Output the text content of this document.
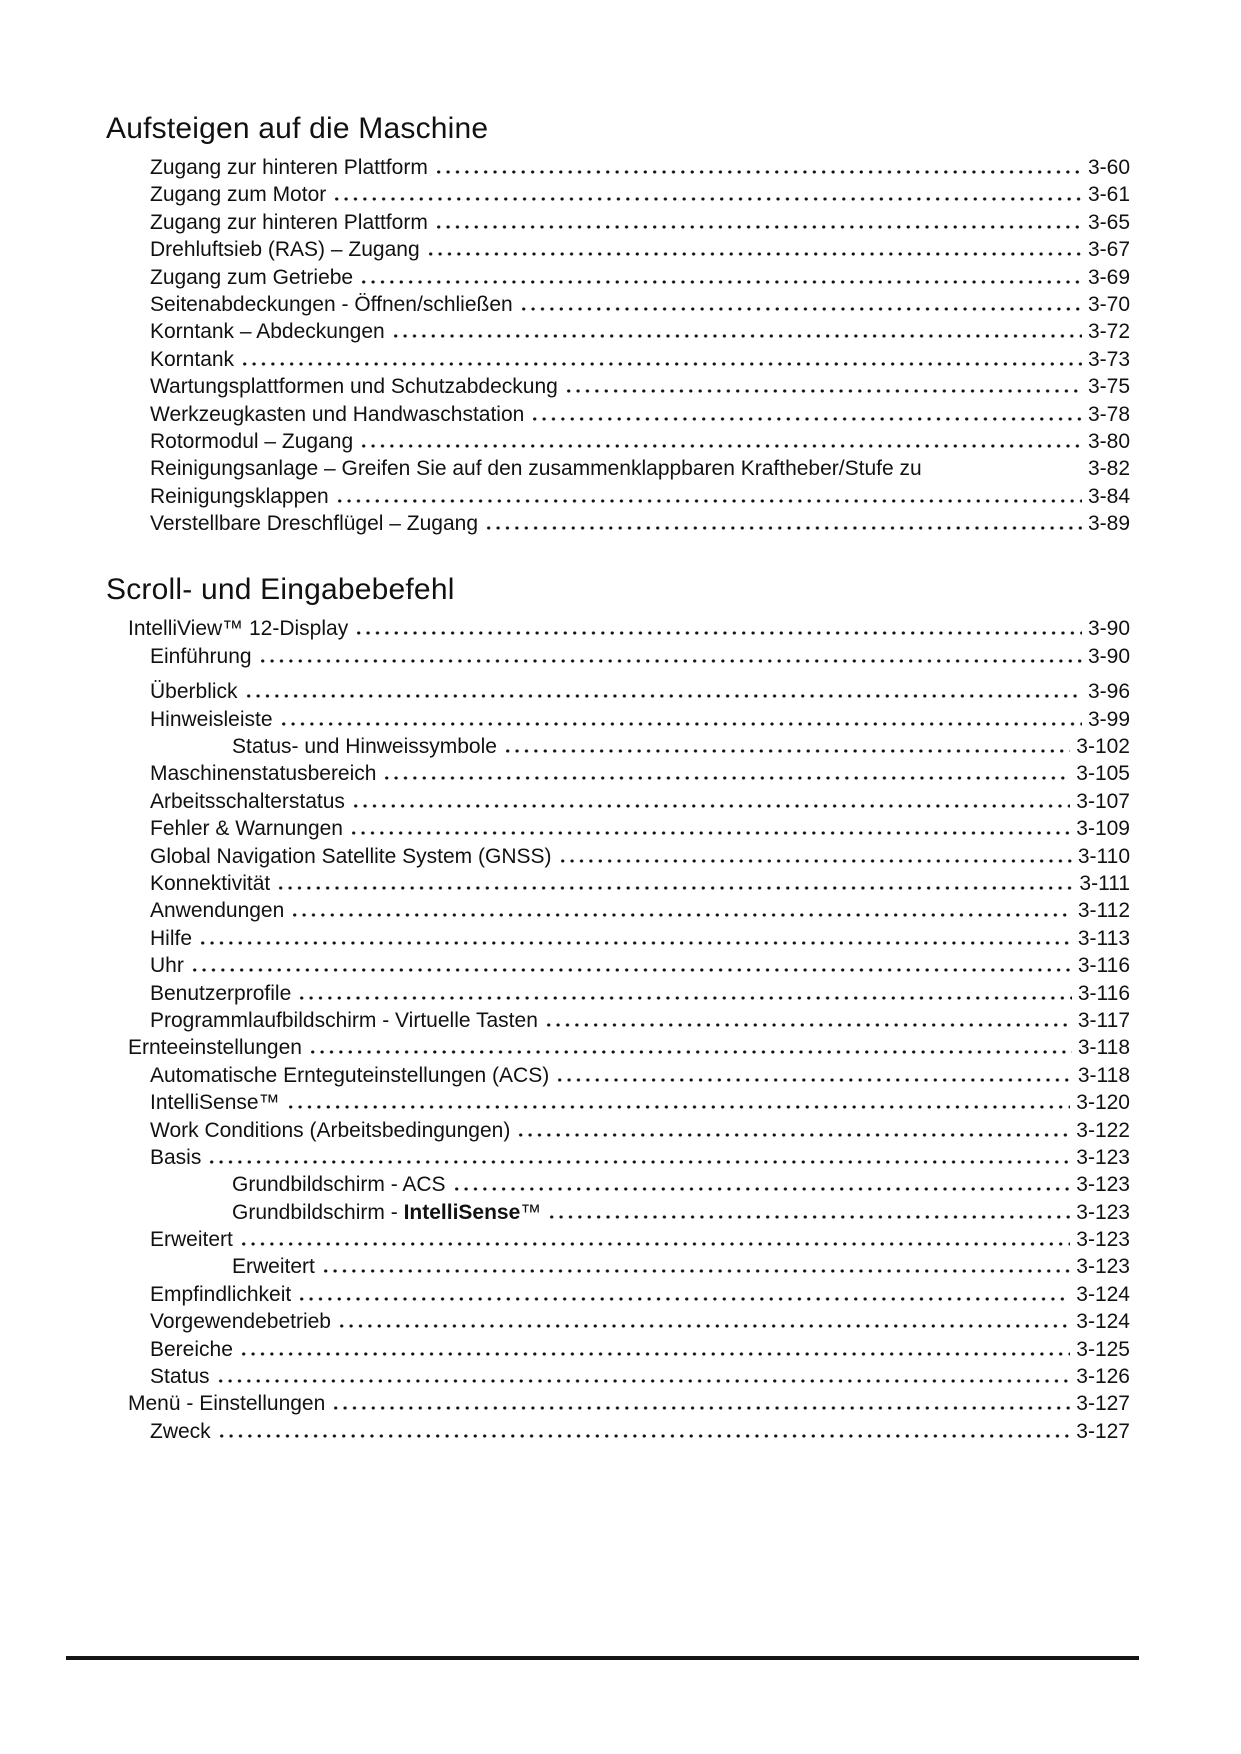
Aufsteigen auf die Maschine
Zugang zur hinteren Plattform	3-60
Zugang zum Motor	3-61
Zugang zur hinteren Plattform	3-65
Drehluftsieb (RAS) – Zugang	3-67
Zugang zum Getriebe	3-69
Seitenabdeckungen - Öffnen/schließen	3-70
Korntank – Abdeckungen	3-72
Korntank	3-73
Wartungsplattformen und Schutzabdeckung	3-75
Werkzeugkasten und Handwaschstation	3-78
Rotormodul – Zugang	3-80
Reinigungsanlage – Greifen Sie auf den zusammenklappbaren Kraftheber/Stufe zu	3-82
Reinigungsklappen	3-84
Verstellbare Dreschflügel – Zugang	3-89
Scroll- und Eingabebefehl
IntelliView™ 12-Display	3-90
Einführung	3-90
Überblick	3-96
Hinweisleiste	3-99
Status- und Hinweissymbole	3-102
Maschinenstatusbereich	3-105
Arbeitsschalterstatus	3-107
Fehler & Warnungen	3-109
Global Navigation Satellite System (GNSS)	3-110
Konnektivität	3-111
Anwendungen	3-112
Hilfe	3-113
Uhr	3-116
Benutzerprofile	3-116
Programmlaufbildschirm - Virtuelle Tasten	3-117
Ernteeinstellungen	3-118
Automatische Ernteguteinstellungen (ACS)	3-118
IntelliSense™	3-120
Work Conditions (Arbeitsbedingungen)	3-122
Basis	3-123
Grundbildschirm - ACS	3-123
Grundbildschirm - IntelliSense™	3-123
Erweitert	3-123
Erweitert	3-123
Empfindlichkeit	3-124
Vorgewendebetrieb	3-124
Bereiche	3-125
Status	3-126
Menü - Einstellungen	3-127
Zweck	3-127
